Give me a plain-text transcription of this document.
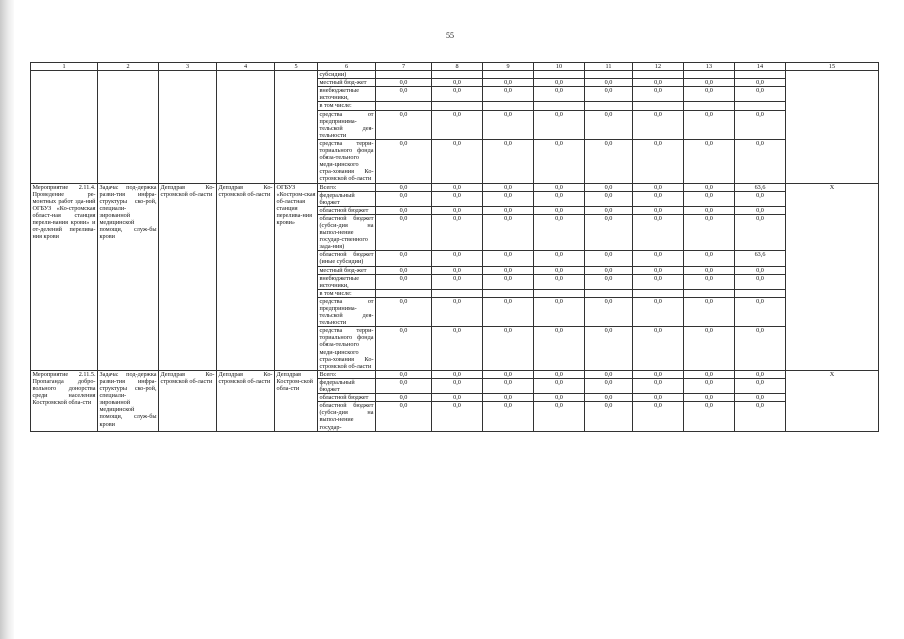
55
1	2	3	4	5	6	7	8	9	10	11	12	13	14	15
					субсидии)									
					местный бюд-жет	0,0	0,0	0,0	0,0	0,0	0,0	0,0	0,0	
					внебюджетные источники,	0,0	0,0	0,0	0,0	0,0	0,0	0,0	0,0	
					в том числе:									
					средства от предпринима-тельской дея-тельности	0,0	0,0	0,0	0,0	0,0	0,0	0,0	0,0	
					средства терри-ториального фонда обяза-тельного меди-цинского стра-хования Ко-стромской об-ласти	0,0	0,0	0,0	0,0	0,0	0,0	0,0	0,0	
Мероприятие 2.11.4. Проведение ре-монтных работ зда-ний ОГБУЗ «Ко-стромская област-ная станция перели-вания крови» и от-делений перелива-ния крови	Задача: под-держка разви-тия инфра-структуры ско-рой, специали-зированной медицинской помощи, служ-бы крови	Депздрав Ко-стромской об-ласти	Депздрав Ко-стромской об-ласти	ОГБУЗ «Костром-ская об-ластная станция перелива-ния крови»	Всего:	0,0	0,0	0,0	0,0	0,0	0,0	0,0	63,6	X
					федеральный бюджет	0,0	0,0	0,0	0,0	0,0	0,0	0,0	0,0	
					областной бюджет	0,0	0,0	0,0	0,0	0,0	0,0	0,0	0,0	
					областной бюджет (субси-дия на выпол-нение государ-ственного зада-ния)	0,0	0,0	0,0	0,0	0,0	0,0	0,0	0,0	
					областной бюджет (иные субсидии)	0,0	0,0	0,0	0,0	0,0	0,0	0,0	63,6	
					местный бюд-жет	0,0	0,0	0,0	0,0	0,0	0,0	0,0	0,0	
					внебюджетные источники,	0,0	0,0	0,0	0,0	0,0	0,0	0,0	0,0	
					в том числе:									
					средства от предпринима-тельской дея-тельности	0,0	0,0	0,0	0,0	0,0	0,0	0,0	0,0	
					средства терри-ториального фонда обяза-тельного меди-цинского стра-хования Ко-стромской об-ласти	0,0	0,0	0,0	0,0	0,0	0,0	0,0	0,0	
Мероприятие 2.11.5. Пропаганда добро-вольного донорства среди населения Костромской обла-сти	Задача: под-держка разви-тия инфра-структуры ско-рой, специали-зированной медицинской помощи, служ-бы крови	Депздрав Ко-стромской об-ласти	Депздрав Ко-стромской об-ласти	Депздрав Костром-ской обла-сти	Всего:	0,0	0,0	0,0	0,0	0,0	0,0	0,0	0,0	X
					федеральный бюджет	0,0	0,0	0,0	0,0	0,0	0,0	0,0	0,0	
					областной бюджет	0,0	0,0	0,0	0,0	0,0	0,0	0,0	0,0	
					областной бюджет (субси-дия на выпол-нение государ-	0,0	0,0	0,0	0,0	0,0	0,0	0,0	0,0	
